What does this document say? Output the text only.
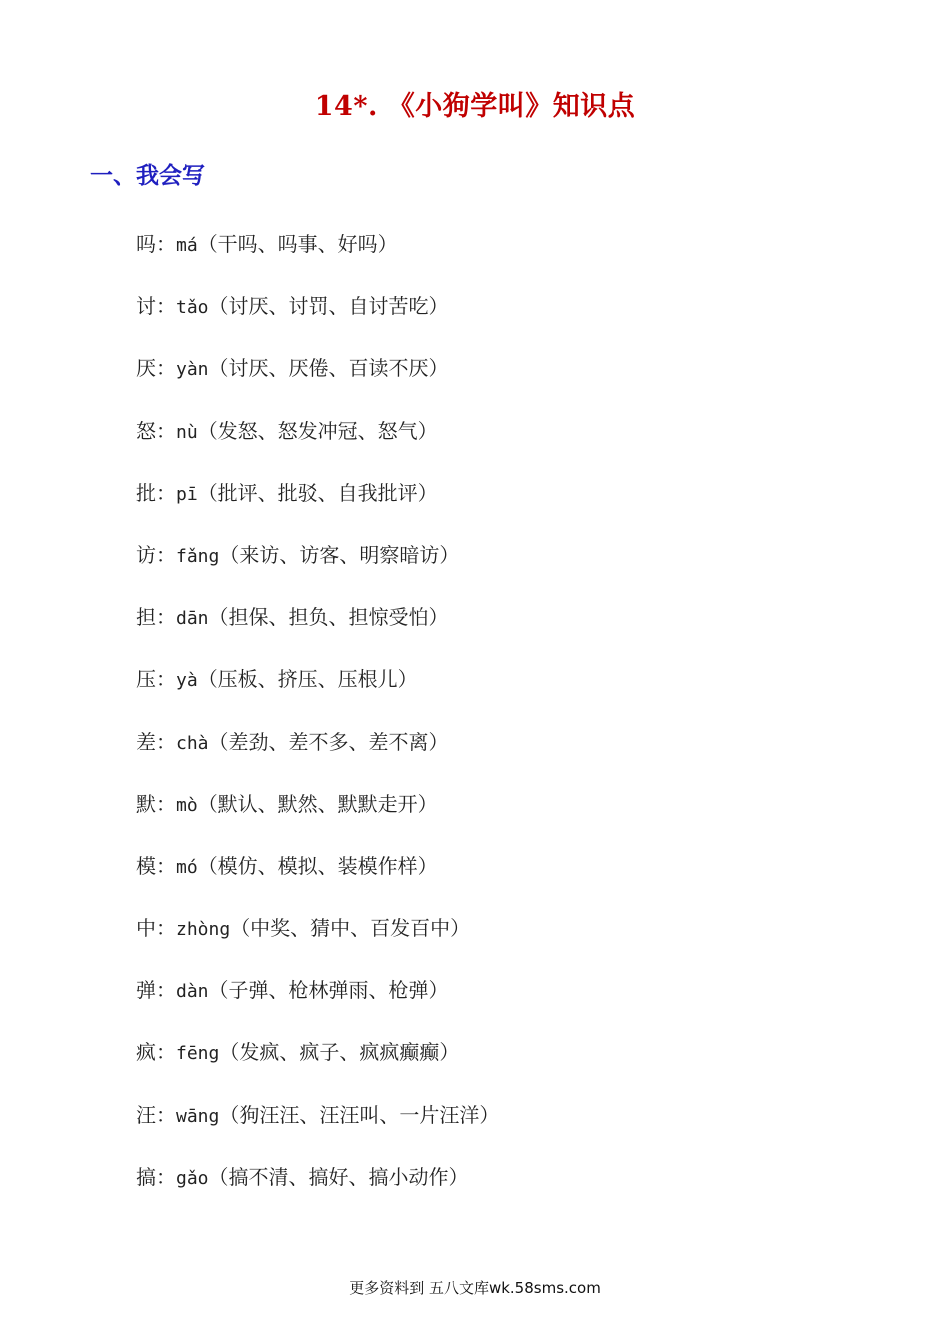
14*. 《小狗学叫》知识点
一、我会写
吗：má（干吗、吗事、好吗）
讨：tǎo（讨厌、讨罚、自讨苦吃）
厌：yàn（讨厌、厌倦、百读不厌）
怒：nù（发怒、怒发冲冠、怒气）
批：pī（批评、批驳、自我批评）
访：fǎng（来访、访客、明察暗访）
担：dān（担保、担负、担惊受怕）
压：yà（压板、挤压、压根儿）
差：chà（差劲、差不多、差不离）
默：mò（默认、默然、默默走开）
模：mó（模仿、模拟、装模作样）
中：zhòng（中奖、猜中、百发百中）
弹：dàn（子弹、枪林弹雨、枪弹）
疯：fēng（发疯、疯子、疯疯癫癫）
汪：wāng（狗汪汪、汪汪叫、一片汪洋）
搞：gǎo（搞不清、搞好、搞小动作）
更多资料到 五八文库wk.58sms.com
